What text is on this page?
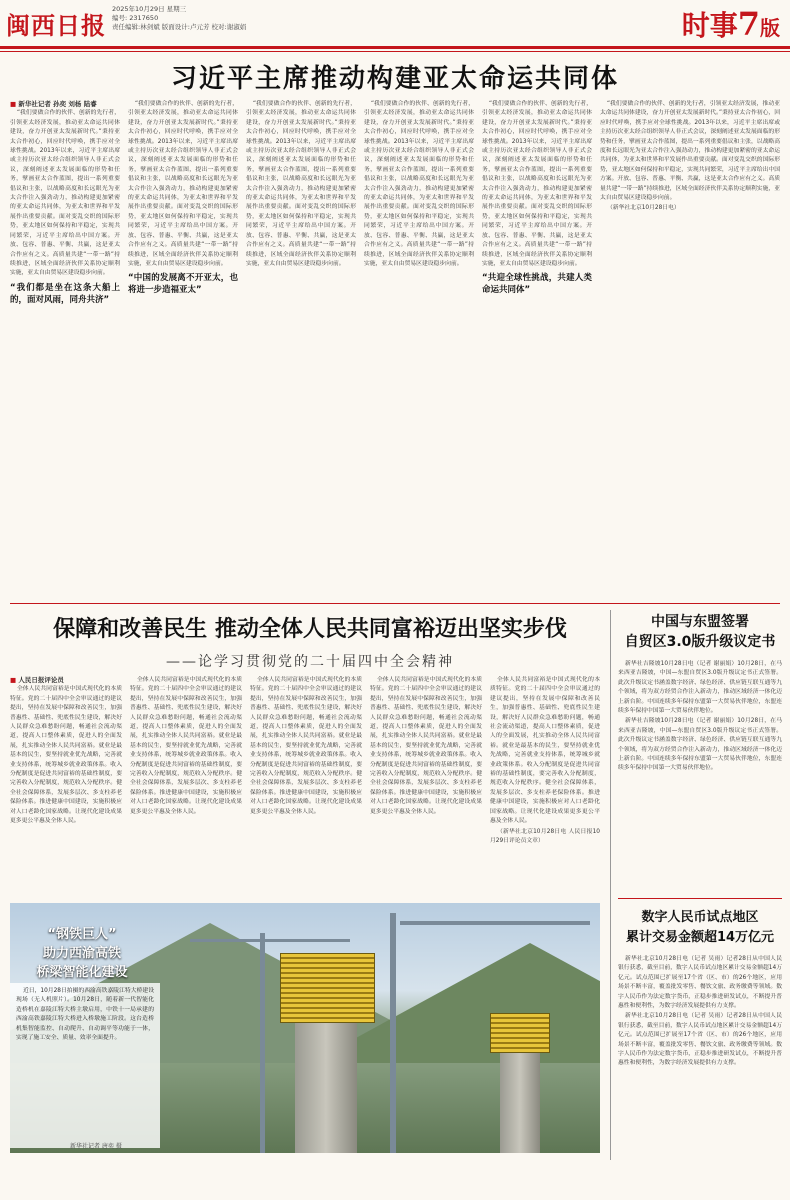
闽西日报
2025年10月29日 星期三
编号: 2317650
责任编辑:林剑斌 版面设计:卢元芳 校对:谢淑娟	时事7版
习近平主席推动构建亚太命运共同体
■ 新华社记者 孙奕 刘杨 陆睿

“我们要做合作的伙伴、创新的先行者，引领亚太经济发展，推动亚太命运共同体建设，奋力开创亚太发展新时代。”秉持亚太合作初心，回应时代呼唤，携手应对全球性挑战。2013年以来，习近平主席出席或主持历次亚太经合组织领导人非正式会议，深刻阐述亚太发展面临的形势和任务，擘画亚太合作蓝图，提出一系列重要倡议和主张，以战略高度和长远眼光为亚太合作注入强劲动力，推动构建更加紧密的亚太命运共同体，为亚太和世界和平发展作出重要贡献。面对变乱交织的国际形势，亚太地区如何保持和平稳定，实现共同繁荣，习近平主席给出中国方案。开放、包容、普惠、平衡、共赢，这是亚太合作应有之义。高质量共建“一带一路”持续推进，区域全面经济伙伴关系协定顺利实施，亚太自由贸易区建设稳步向前。

“我们都是坐在这条大船上的，面对风雨，同舟共济”

“我们要做合作的伙伴、创新的先行者，引领亚太经济发展，推动亚太命运共同体建设，奋力开创亚太发展新时代。”秉持亚太合作初心，回应时代呼唤，携手应对全球性挑战。2013年以来，习近平主席出席或主持历次亚太经合组织领导人非正式会议，深刻阐述亚太发展面临的形势和任务，擘画亚太合作蓝图，提出一系列重要倡议和主张，以战略高度和长远眼光为亚太合作注入强劲动力，推动构建更加紧密的亚太命运共同体，为亚太和世界和平发展作出重要贡献。面对变乱交织的国际形势，亚太地区如何保持和平稳定，实现共同繁荣，习近平主席给出中国方案。开放、包容、普惠、平衡、共赢，这是亚太合作应有之义。高质量共建“一带一路”持续推进，区域全面经济伙伴关系协定顺利实施，亚太自由贸易区建设稳步向前。

“中国的发展离不开亚太，也将进一步造福亚太”

“我们要做合作的伙伴、创新的先行者，引领亚太经济发展，推动亚太命运共同体建设，奋力开创亚太发展新时代。”秉持亚太合作初心，回应时代呼唤，携手应对全球性挑战。2013年以来，习近平主席出席或主持历次亚太经合组织领导人非正式会议，深刻阐述亚太发展面临的形势和任务，擘画亚太合作蓝图，提出一系列重要倡议和主张，以战略高度和长远眼光为亚太合作注入强劲动力，推动构建更加紧密的亚太命运共同体，为亚太和世界和平发展作出重要贡献。面对变乱交织的国际形势，亚太地区如何保持和平稳定，实现共同繁荣，习近平主席给出中国方案。开放、包容、普惠、平衡、共赢，这是亚太合作应有之义。高质量共建“一带一路”持续推进，区域全面经济伙伴关系协定顺利实施，亚太自由贸易区建设稳步向前。

“我们要做合作的伙伴、创新的先行者，引领亚太经济发展，推动亚太命运共同体建设，奋力开创亚太发展新时代。”秉持亚太合作初心，回应时代呼唤，携手应对全球性挑战。2013年以来，习近平主席出席或主持历次亚太经合组织领导人非正式会议，深刻阐述亚太发展面临的形势和任务，擘画亚太合作蓝图，提出一系列重要倡议和主张，以战略高度和长远眼光为亚太合作注入强劲动力，推动构建更加紧密的亚太命运共同体，为亚太和世界和平发展作出重要贡献。面对变乱交织的国际形势，亚太地区如何保持和平稳定，实现共同繁荣，习近平主席给出中国方案。开放、包容、普惠、平衡、共赢，这是亚太合作应有之义。高质量共建“一带一路”持续推进，区域全面经济伙伴关系协定顺利实施，亚太自由贸易区建设稳步向前。

“我们要做合作的伙伴、创新的先行者，引领亚太经济发展，推动亚太命运共同体建设，奋力开创亚太发展新时代。”秉持亚太合作初心，回应时代呼唤，携手应对全球性挑战。2013年以来，习近平主席出席或主持历次亚太经合组织领导人非正式会议，深刻阐述亚太发展面临的形势和任务，擘画亚太合作蓝图，提出一系列重要倡议和主张，以战略高度和长远眼光为亚太合作注入强劲动力，推动构建更加紧密的亚太命运共同体，为亚太和世界和平发展作出重要贡献。面对变乱交织的国际形势，亚太地区如何保持和平稳定，实现共同繁荣，习近平主席给出中国方案。开放、包容、普惠、平衡、共赢，这是亚太合作应有之义。高质量共建“一带一路”持续推进，区域全面经济伙伴关系协定顺利实施，亚太自由贸易区建设稳步向前。

“共迎全球性挑战，共建人类命运共同体”

“我们要做合作的伙伴、创新的先行者，引领亚太经济发展，推动亚太命运共同体建设，奋力开创亚太发展新时代。”秉持亚太合作初心，回应时代呼唤，携手应对全球性挑战。2013年以来，习近平主席出席或主持历次亚太经合组织领导人非正式会议，深刻阐述亚太发展面临的形势和任务，擘画亚太合作蓝图，提出一系列重要倡议和主张，以战略高度和长远眼光为亚太合作注入强劲动力，推动构建更加紧密的亚太命运共同体，为亚太和世界和平发展作出重要贡献。面对变乱交织的国际形势，亚太地区如何保持和平稳定，实现共同繁荣，习近平主席给出中国方案。开放、包容、普惠、平衡、共赢，这是亚太合作应有之义。高质量共建“一带一路”持续推进，区域全面经济伙伴关系协定顺利实施，亚太自由贸易区建设稳步向前。

（新华社北京10月28日电）

保障和改善民生 推动全体人民共同富裕迈出坚实步伐
——论学习贯彻党的二十届四中全会精神
■ 人民日报评论员

全体人民共同富裕是中国式现代化的本质特征。党的二十届四中全会审议通过的建议提出，坚持在发展中保障和改善民生，加强普惠性、基础性、兜底性民生建设，解决好人民群众急难愁盼问题，畅通社会流动渠道，提高人口整体素质，促进人的全面发展，扎实推动全体人民共同富裕。就业是最基本的民生，要坚持就业优先战略，完善就业支持体系，统筹城乡就业政策体系。收入分配制度是促进共同富裕的基础性制度，要完善收入分配制度，规范收入分配秩序。健全社会保障体系，发展多层次、多支柱养老保险体系。推进健康中国建设，实施积极应对人口老龄化国家战略。让现代化建设成果更多更公平惠及全体人民。

全体人民共同富裕是中国式现代化的本质特征。党的二十届四中全会审议通过的建议提出，坚持在发展中保障和改善民生，加强普惠性、基础性、兜底性民生建设，解决好人民群众急难愁盼问题，畅通社会流动渠道，提高人口整体素质，促进人的全面发展，扎实推动全体人民共同富裕。就业是最基本的民生，要坚持就业优先战略，完善就业支持体系，统筹城乡就业政策体系。收入分配制度是促进共同富裕的基础性制度，要完善收入分配制度，规范收入分配秩序。健全社会保障体系，发展多层次、多支柱养老保险体系。推进健康中国建设，实施积极应对人口老龄化国家战略。让现代化建设成果更多更公平惠及全体人民。

全体人民共同富裕是中国式现代化的本质特征。党的二十届四中全会审议通过的建议提出，坚持在发展中保障和改善民生，加强普惠性、基础性、兜底性民生建设，解决好人民群众急难愁盼问题，畅通社会流动渠道，提高人口整体素质，促进人的全面发展，扎实推动全体人民共同富裕。就业是最基本的民生，要坚持就业优先战略，完善就业支持体系，统筹城乡就业政策体系。收入分配制度是促进共同富裕的基础性制度，要完善收入分配制度，规范收入分配秩序。健全社会保障体系，发展多层次、多支柱养老保险体系。推进健康中国建设，实施积极应对人口老龄化国家战略。让现代化建设成果更多更公平惠及全体人民。

全体人民共同富裕是中国式现代化的本质特征。党的二十届四中全会审议通过的建议提出，坚持在发展中保障和改善民生，加强普惠性、基础性、兜底性民生建设，解决好人民群众急难愁盼问题，畅通社会流动渠道，提高人口整体素质，促进人的全面发展，扎实推动全体人民共同富裕。就业是最基本的民生，要坚持就业优先战略，完善就业支持体系，统筹城乡就业政策体系。收入分配制度是促进共同富裕的基础性制度，要完善收入分配制度，规范收入分配秩序。健全社会保障体系，发展多层次、多支柱养老保险体系。推进健康中国建设，实施积极应对人口老龄化国家战略。让现代化建设成果更多更公平惠及全体人民。

全体人民共同富裕是中国式现代化的本质特征。党的二十届四中全会审议通过的建议提出，坚持在发展中保障和改善民生，加强普惠性、基础性、兜底性民生建设，解决好人民群众急难愁盼问题，畅通社会流动渠道，提高人口整体素质，促进人的全面发展，扎实推动全体人民共同富裕。就业是最基本的民生，要坚持就业优先战略，完善就业支持体系，统筹城乡就业政策体系。收入分配制度是促进共同富裕的基础性制度，要完善收入分配制度，规范收入分配秩序。健全社会保障体系，发展多层次、多支柱养老保险体系。推进健康中国建设，实施积极应对人口老龄化国家战略。让现代化建设成果更多更公平惠及全体人民。

（新华社北京10月28日电 人民日报10月29日评论员文章）

近日，10月28日拍摄的西渝高铁嘉陵江特大桥建设现场（无人机照片）。10月28日，随着新一代智能化造桥机在嘉陵江特大桥主墩启用，中铁十一局承建的西渝高铁嘉陵江特大桥进入桥墩施工阶段。这台造桥机集智能监控、自动爬升、自动调平等功能于一体，实现了施工安全、质量、效率全面提升。

新华社记者 唐奕 摄
“钢铁巨人”
助力西渝高铁
桥梁智能化建设
中国与东盟签署
自贸区3.0版升级议定书

新华社吉隆坡10月28日电（记者 谢丽娟）10月28日，在马来西亚吉隆坡，中国—东盟自贸区3.0版升级议定书正式签署。此次升级议定书涵盖数字经济、绿色经济、供应链互联互通等九个领域，将为双方经贸合作注入新动力，推动区域经济一体化迈上新台阶。中国连续多年保持东盟第一大贸易伙伴地位，东盟连续多年保持中国第一大贸易伙伴地位。

新华社吉隆坡10月28日电（记者 谢丽娟）10月28日，在马来西亚吉隆坡，中国—东盟自贸区3.0版升级议定书正式签署。此次升级议定书涵盖数字经济、绿色经济、供应链互联互通等九个领域，将为双方经贸合作注入新动力，推动区域经济一体化迈上新台阶。中国连续多年保持东盟第一大贸易伙伴地位，东盟连续多年保持中国第一大贸易伙伴地位。

数字人民币试点地区
累计交易金额超14万亿元

新华社北京10月28日电（记者 吴雨）记者28日从中国人民银行获悉，截至目前，数字人民币试点地区累计交易金额超14万亿元。试点范围已扩展至17个省（区、市）的26个地区，应用场景不断丰富，覆盖批发零售、餐饮文旅、政务缴费等领域。数字人民币作为法定数字货币，正稳步推进研发试点，不断提升普惠性和便利性，为数字经济发展提供有力支撑。

新华社北京10月28日电（记者 吴雨）记者28日从中国人民银行获悉，截至目前，数字人民币试点地区累计交易金额超14万亿元。试点范围已扩展至17个省（区、市）的26个地区，应用场景不断丰富，覆盖批发零售、餐饮文旅、政务缴费等领域。数字人民币作为法定数字货币，正稳步推进研发试点，不断提升普惠性和便利性，为数字经济发展提供有力支撑。
